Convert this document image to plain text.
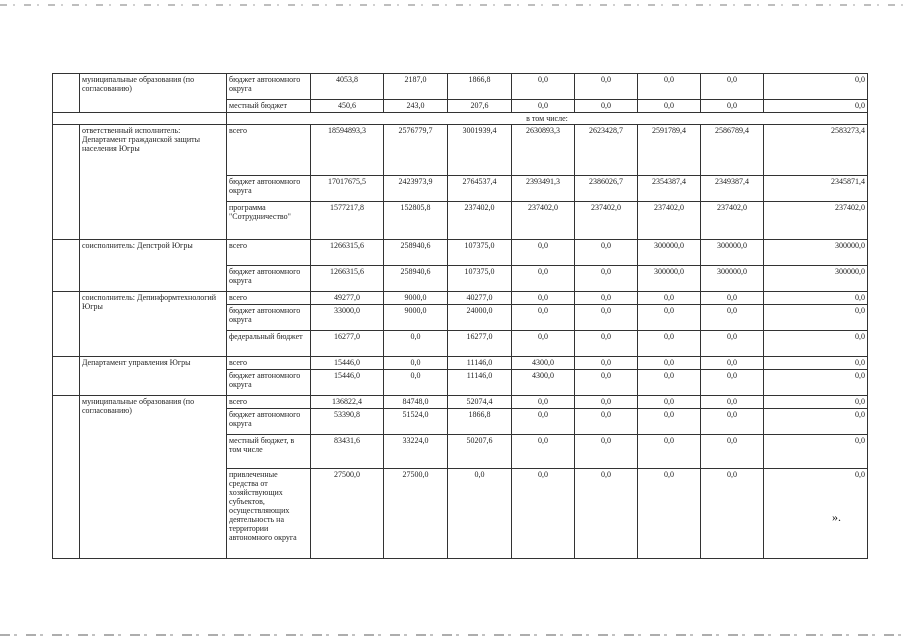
	муниципальные образования (по согласованию)	бюджет автономного округа	4053,8	2187,0	1866,8	0,0	0,0	0,0	0,0	0,0
		местный бюджет	450,6	243,0	207,6	0,0	0,0	0,0	0,0	0,0
		в том числе:								
	ответственный исполнитель: Департамент гражданской защиты населения Югры	всего	18594893,3	2576779,7	3001939,4	2630893,3	2623428,7	2591789,4	2586789,4	2583273,4
		бюджет автономного округа	17017675,5	2423973,9	2764537,4	2393491,3	2386026,7	2354387,4	2349387,4	2345871,4
		программа "Сотрудничество"	1577217,8	152805,8	237402,0	237402,0	237402,0	237402,0	237402,0	237402,0
	соисполнитель: Депстрой Югры	всего	1266315,6	258940,6	107375,0	0,0	0,0	300000,0	300000,0	300000,0
		бюджет автономного округа	1266315,6	258940,6	107375,0	0,0	0,0	300000,0	300000,0	300000,0
	соисполнитель: Депинформтехнологий Югры	всего	49277,0	9000,0	40277,0	0,0	0,0	0,0	0,0	0,0
		бюджет автономного округа	33000,0	9000,0	24000,0	0,0	0,0	0,0	0,0	0,0
		федеральный бюджет	16277,0	0,0	16277,0	0,0	0,0	0,0	0,0	0,0
	Департамент управления Югры	всего	15446,0	0,0	11146,0	4300,0	0,0	0,0	0,0	0,0
		бюджет автономного округа	15446,0	0,0	11146,0	4300,0	0,0	0,0	0,0	0,0
	муниципальные образования (по согласованию)	всего	136822,4	84748,0	52074,4	0,0	0,0	0,0	0,0	0,0
		бюджет автономного округа	53390,8	51524,0	1866,8	0,0	0,0	0,0	0,0	0,0
		местный бюджет, в том числе	83431,6	33224,0	50207,6	0,0	0,0	0,0	0,0	0,0
		привлеченные средства от хозяйствующих субъектов, осуществляющих деятельность на территории автономного округа	27500,0	27500,0	0,0	0,0	0,0	0,0	0,0	0,0
».
